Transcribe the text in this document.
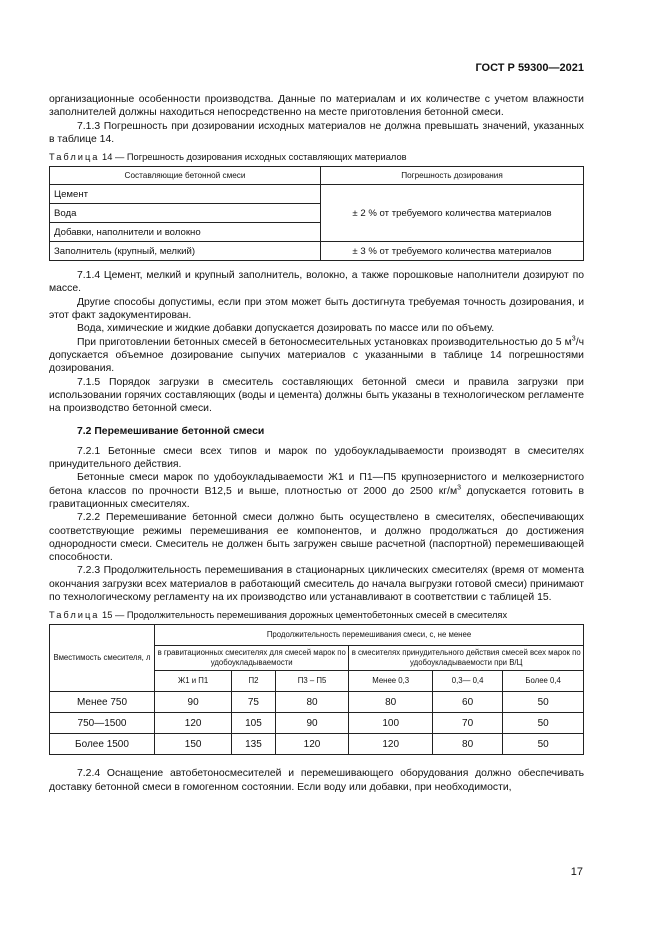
ГОСТ Р 59300—2021

организационные особенности производства. Данные по материалам и их количестве с учетом влажности заполнителей должны находиться непосредственно на месте приготовления бетонной смеси.

7.1.3 Погрешность при дозировании исходных материалов не должна превышать значений, указанных в таблице 14.

Таблица 14 — Погрешность дозирования исходных составляющих материалов
Составляющие бетонной смеси	Погрешность дозирования
Цемент	± 2 % от требуемого количества материалов
Вода	
Добавки, наполнители и волокно	
Заполнитель (крупный, мелкий)	± 3 % от требуемого количества материалов

7.1.4 Цемент, мелкий и крупный заполнитель, волокно, а также порошковые наполнители дозируют по массе.

Другие способы допустимы, если при этом может быть достигнута требуемая точность дозирования, и этот факт задокументирован.

Вода, химические и жидкие добавки допускается дозировать по массе или по объему.

При приготовлении бетонных смесей в бетоносмесительных установках производительностью до 5 $м^3/ч$ допускается объемное дозирование сыпучих материалов с указанными в таблице 14 погрешностями дозирования.

7.1.5 Порядок загрузки в смеситель составляющих бетонной смеси и правила загрузки при использовании горячих составляющих (воды и цемента) должны быть указаны в технологическом регламенте на производство бетонной смеси.

7.2 Перемешивание бетонной смеси

7.2.1 Бетонные смеси всех типов и марок по удобоукладываемости производят в смесителях принудительного действия.

Бетонные смеси марок по удобоукладываемости Ж1 и П1—П5 крупнозернистого и мелкозернистого бетона классов по прочности В12,5 и выше, плотностью от 2000 до 2500 $кг/м^3$ допускается готовить в гравитационных смесителях.

7.2.2 Перемешивание бетонной смеси должно быть осуществлено в смесителях, обеспечивающих соответствующие режимы перемешивания ее компонентов, и должно продолжаться до достижения однородности смеси. Смеситель не должен быть загружен свыше расчетной (паспортной) перемешивающей способности.

7.2.3 Продолжительность перемешивания в стационарных циклических смесителях (время от момента окончания загрузки всех материалов в работающий смеситель до начала выгрузки готовой смеси) принимают по технологическому регламенту на их производство или устанавливают в соответствии с таблицей 15.

Таблица 15 — Продолжительность перемешивания дорожных цементобетонных смесей в смесителях
Вместимость смесителя, л	Продолжительность перемешивания смеси, с, не менее					
	в гравитационных смесителях для смесей марок по удобоукладываемости			в смесителях принудительного действия смесей всех марок по удобоукладываемости при В/Ц		
	Ж1 и П1	П2	П3 – П5	Менее 0,3	0,3— 0,4	Более 0,4
Менее 750	90	75	80	80	60	50
750—1500	120	105	90	100	70	50
Более 1500	150	135	120	120	80	50

7.2.4 Оснащение автобетоносмесителей и перемешивающего оборудования должно обеспечивать доставку бетонной смеси в гомогенном состоянии. Если воду или добавки, при необходимости,

17
